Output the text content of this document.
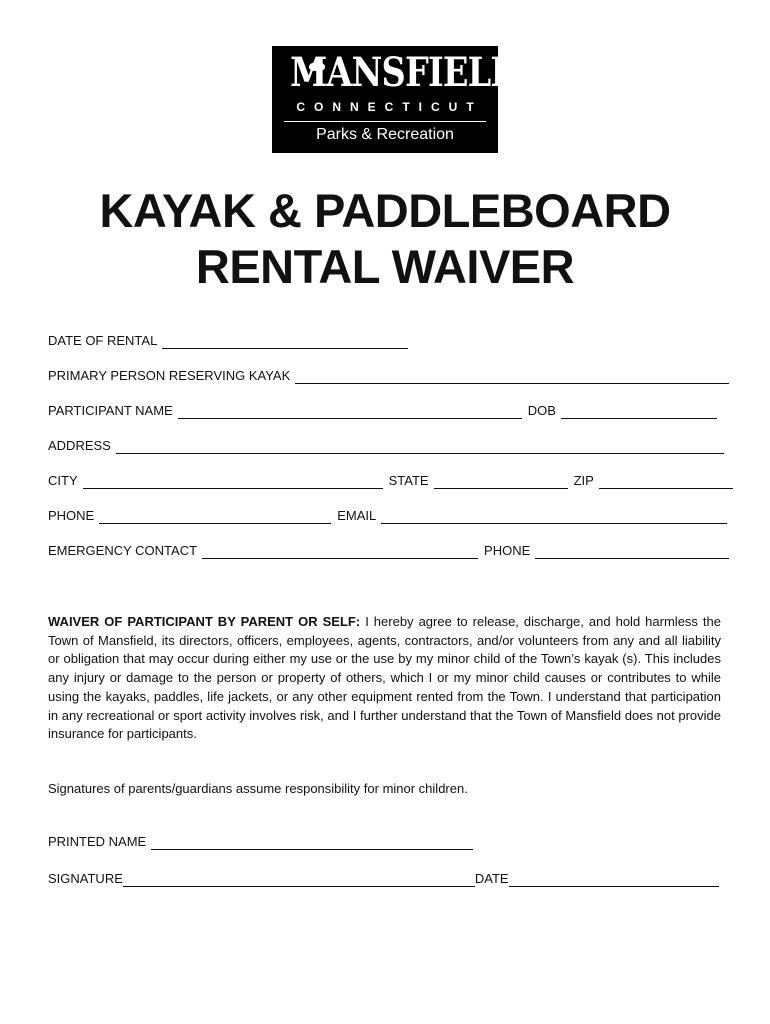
MANSFIELD
CONNECTICUT
Parks & Recreation
KAYAK & PADDLEBOARD
RENTAL WAIVER
DATE OF RENTAL
PRIMARY PERSON RESERVING KAYAK
PARTICIPANT NAME	DOB
ADDRESS
CITY	STATE	ZIP
PHONE	EMAIL
EMERGENCY CONTACT	PHONE
WAIVER OF PARTICIPANT BY PARENT OR SELF: I hereby agree to release, discharge, and hold harmless the Town of Mansfield, its directors, officers, employees, agents, contractors, and/or volunteers from any and all liability or obligation that may occur during either my use or the use by my minor child of the Town’s kayak (s). This includes any injury or damage to the person or property of others, which I or my minor child causes or contributes to while using the kayaks, paddles, life jackets, or any other equipment rented from the Town. I understand that participation in any recreational or sport activity involves risk, and I further understand that the Town of Mansfield does not provide insurance for participants.
Signatures of parents/guardians assume responsibility for minor children.
PRINTED NAME
SIGNATURE	DATE
